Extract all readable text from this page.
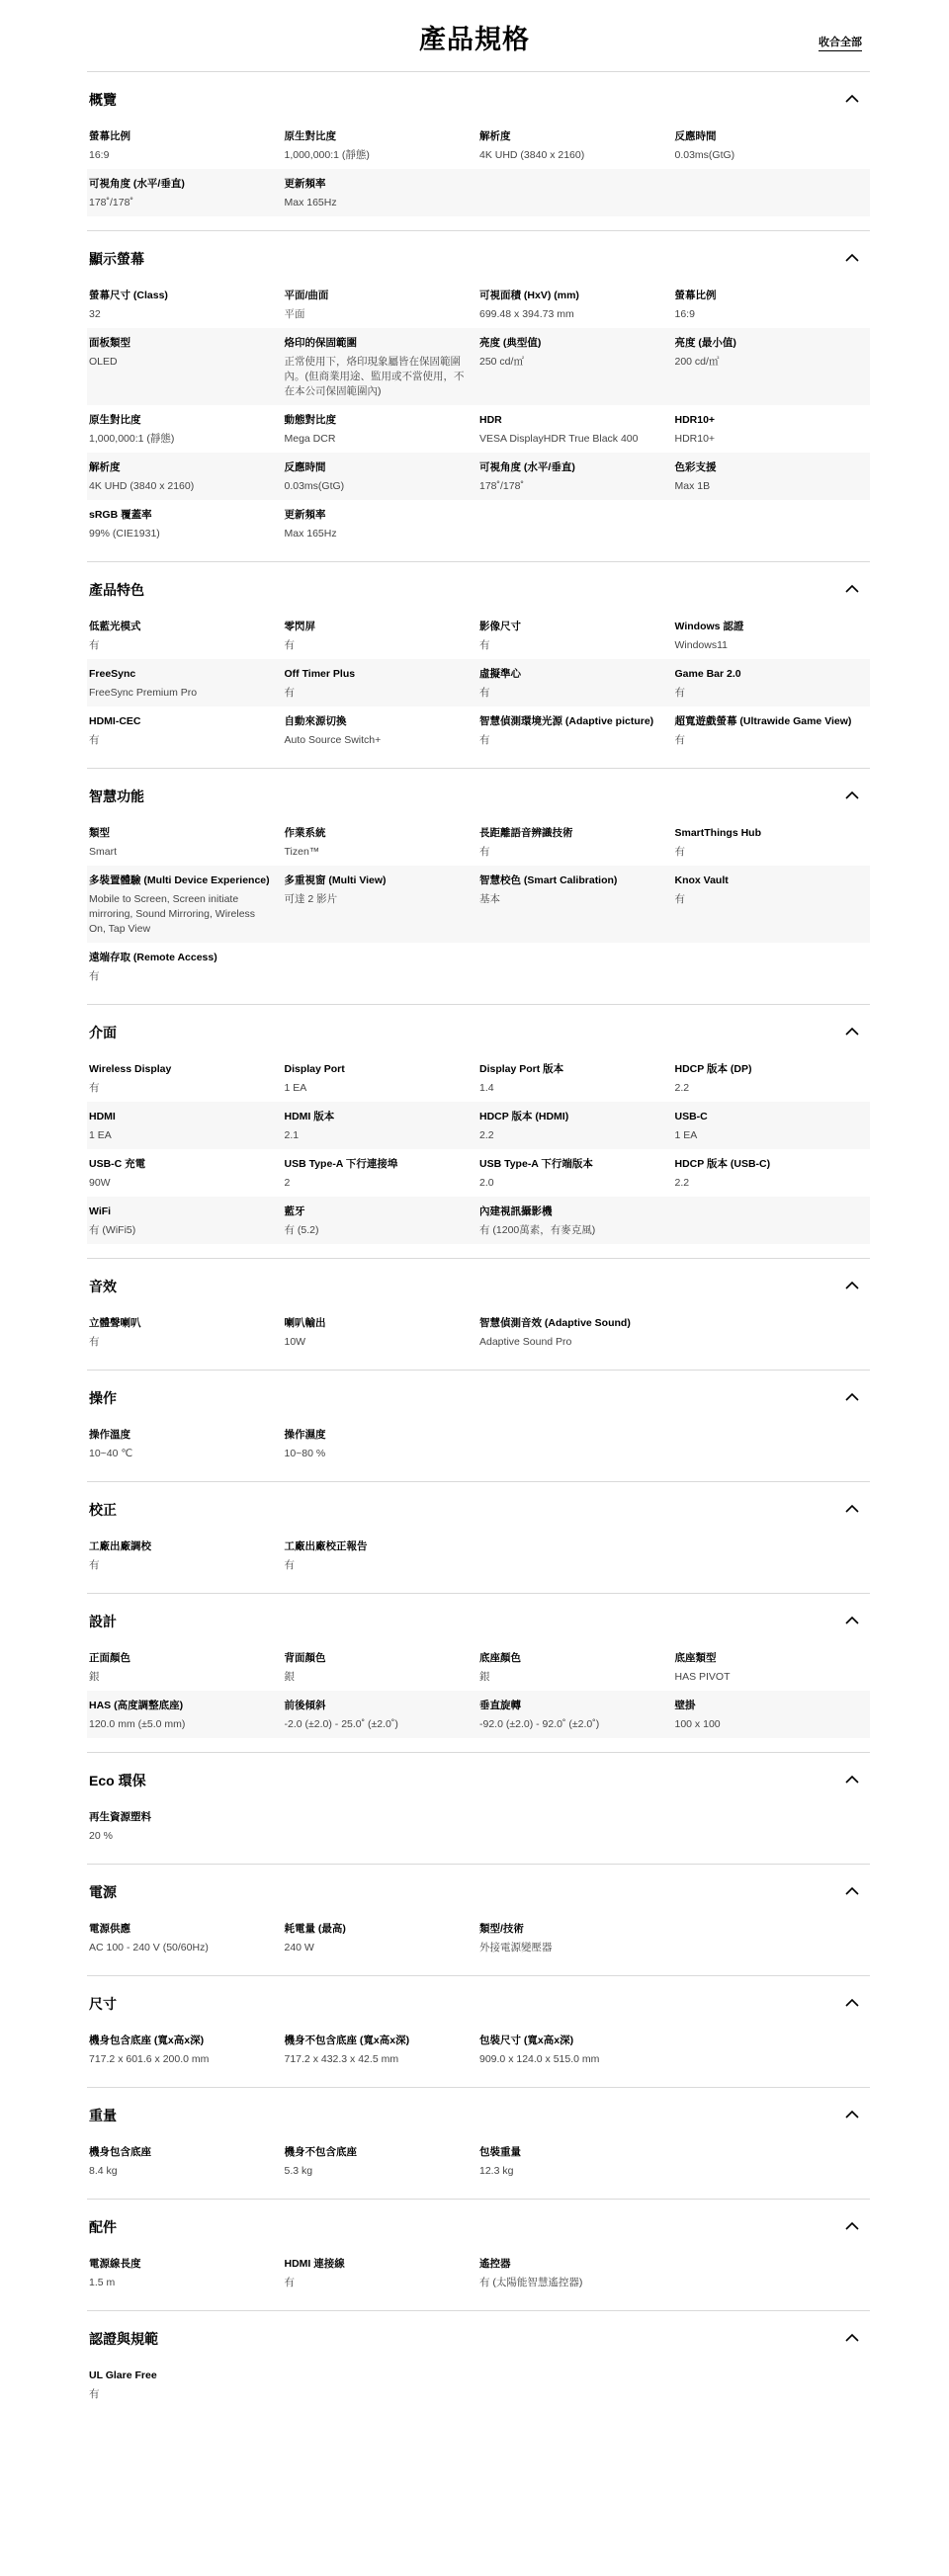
產品規格	收合全部
概覽
螢幕比例
16:9
原生對比度
1,000,000:1 (靜態)
解析度
4K UHD (3840 x 2160)
反應時間
0.03ms(GtG)
可視角度 (水平/垂直)
178˚/178˚
更新頻率
Max 165Hz
顯示螢幕
螢幕尺寸 (Class)
32
平面/曲面
平面
可視面積 (HxV) (mm)
699.48 x 394.73 mm
螢幕比例
16:9
面板類型
OLED
烙印的保固範圍
正常使用下，烙印現象屬皆在保固範圍內。(但商業用途、監用或不當使用，不在本公司保固範圍內)
亮度 (典型值)
250 cd/㎡
亮度 (最小值)
200 cd/㎡
原生對比度
1,000,000:1 (靜態)
動態對比度
Mega DCR
HDR
VESA DisplayHDR True Black 400
HDR10+
HDR10+
解析度
4K UHD (3840 x 2160)
反應時間
0.03ms(GtG)
可視角度 (水平/垂直)
178˚/178˚
色彩支援
Max 1B
sRGB 覆蓋率
99% (CIE1931)
更新頻率
Max 165Hz
產品特色
低藍光模式
有
零閃屏
有
影像尺寸
有
Windows 認證
Windows11
FreeSync
FreeSync Premium Pro
Off Timer Plus
有
虛擬準心
有
Game Bar 2.0
有
HDMI-CEC
有
自動來源切換
Auto Source Switch+
智慧偵測環境光源 (Adaptive picture)
有
超寬遊戲螢幕 (Ultrawide Game View)
有
智慧功能
類型
Smart
作業系統
Tizen™
長距離語音辨識技術
有
SmartThings Hub
有
多裝置體驗 (Multi Device Experience)
Mobile to Screen, Screen initiate mirroring, Sound Mirroring, Wireless On, Tap View
多重視窗 (Multi View)
可達 2 影片
智慧校色 (Smart Calibration)
基本
Knox Vault
有
遠端存取 (Remote Access)
有
介面
Wireless Display
有
Display Port
1 EA
Display Port 版本
1.4
HDCP 版本 (DP)
2.2
HDMI
1 EA
HDMI 版本
2.1
HDCP 版本 (HDMI)
2.2
USB-C
1 EA
USB-C 充電
90W
USB Type-A 下行連接埠
2
USB Type-A 下行端版本
2.0
HDCP 版本 (USB-C)
2.2
WiFi
有 (WiFi5)
藍牙
有 (5.2)
內建視訊攝影機
有 (1200萬素，有麥克風)
音效
立體聲喇叭
有
喇叭輸出
10W
智慧偵測音效 (Adaptive Sound)
Adaptive Sound Pro
操作
操作溫度
10~40 ℃
操作濕度
10~80 %
校正
工廠出廠調校
有
工廠出廠校正報告
有
設計
正面顏色
銀
背面顏色
銀
底座顏色
銀
底座類型
HAS PIVOT
HAS (高度調整底座)
120.0 mm (±5.0 mm)
前後傾斜
-2.0 (±2.0) - 25.0˚ (±2.0˚)
垂直旋轉
-92.0 (±2.0) - 92.0˚ (±2.0˚)
壁掛
100 x 100
Eco 環保
再生資源塑料
20 %
電源
電源供應
AC 100 - 240 V (50/60Hz)
耗電量 (最高)
240 W
類型/技術
外接電源變壓器
尺寸
機身包含底座 (寬x高x深)
717.2 x 601.6 x 200.0 mm
機身不包含底座 (寬x高x深)
717.2 x 432.3 x 42.5 mm
包裝尺寸 (寬x高x深)
909.0 x 124.0 x 515.0 mm
重量
機身包含底座
8.4 kg
機身不包含底座
5.3 kg
包裝重量
12.3 kg
配件
電源線長度
1.5 m
HDMI 連接線
有
遙控器
有 (太陽能智慧遙控器)
認證與規範
UL Glare Free
有
